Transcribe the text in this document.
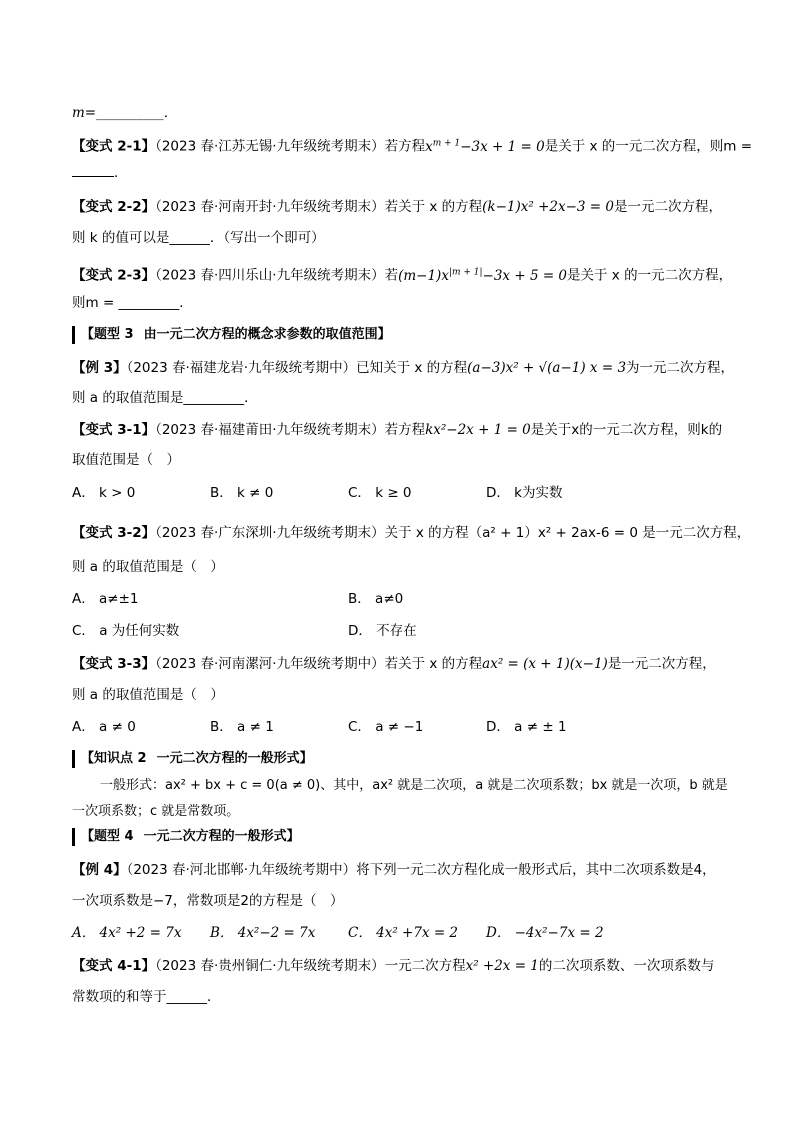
m=__________．
【变式 2-1】（2023 春·江苏无锡·九年级统考期末）若方程$x^{m + 1}-3x + 1 = 0$是关于 x 的一元二次方程，则m =
．
【变式 2-2】（2023 春·河南开封·九年级统考期末）若关于 x 的方程(k−1)x² +2x−3 = 0是一元二次方程，
则 k 的值可以是______．（写出一个即可）
【变式 2-3】（2023 春·四川乐山·九年级统考期末）若$(m-1)x^{|m + 1|}-3x + 5 = 0$是关于 x 的一元二次方程，
则m = _________．
【题型 3 由一元二次方程的概念求参数的取值范围】
【例 3】（2023 春·福建龙岩·九年级统考期中）已知关于 x 的方程(a−3)x² + √(a−1) x = 3为一元二次方程，
则 a 的取值范围是_________．
【变式 3-1】（2023 春·福建莆田·九年级统考期末）若方程kx²−2x + 1 = 0是关于x的一元二次方程，则k的
取值范围是（　）
A． k > 0	B． k ≠ 0	C． k ≥ 0	D． k为实数
【变式 3-2】（2023 春·广东深圳·九年级统考期末）关于 x 的方程（a² + 1）x² + 2ax-6 = 0 是一元二次方程，
则 a 的取值范围是（　）
A． a≠±1	B． a≠0
C． a 为任何实数	D． 不存在
【变式 3-3】（2023 春·河南漯河·九年级统考期中）若关于 x 的方程ax² = (x + 1)(x−1)是一元二次方程，
则 a 的取值范围是（　）
A． a ≠ 0	B． a ≠ 1	C． a ≠ −1	D． a ≠ ± 1
【知识点 2 一元二次方程的一般形式】
一般形式：ax² + bx + c = 0(a ≠ 0)、其中，ax² 就是二次项，a 就是二次项系数；bx 就是一次项，b 就是
一次项系数；c 就是常数项。
【题型 4 一元二次方程的一般形式】
【例 4】（2023 春·河北邯郸·九年级统考期中）将下列一元二次方程化成一般形式后，其中二次项系数是4，
一次项系数是−7，常数项是2的方程是（　）
A． 4x² +2 = 7x B． 4x²−2 = 7x C． 4x² +7x = 2 D． −4x²−7x = 2
【变式 4-1】（2023 春·贵州铜仁·九年级统考期末）一元二次方程x² +2x = 1的二次项系数、一次项系数与
常数项的和等于______．
